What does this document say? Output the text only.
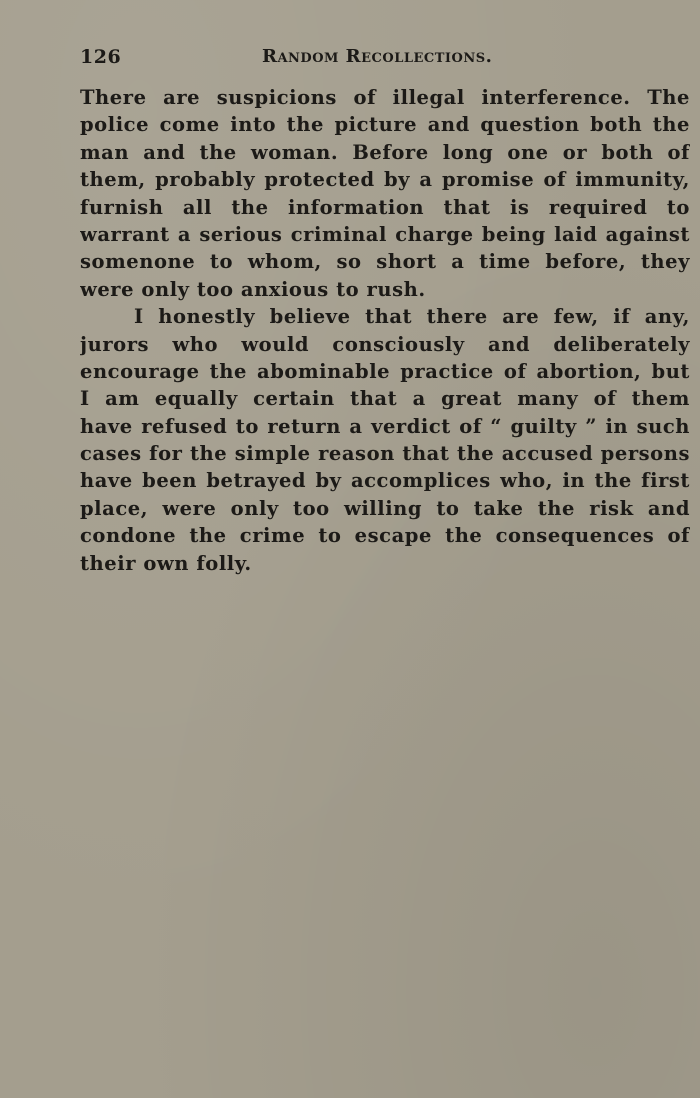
126	Random Recollections.
There are suspicions of illegal interference. The
police come into the picture and question both the
man and the woman. Before long one or both of
them, probably protected by a promise of immunity,
furnish all the information that is required to
warrant a serious criminal charge being laid against
somenone to whom, so short a time before, they
were only too anxious to rush.
I honestly believe that there are few, if any,
jurors who would consciously and deliberately
encourage the abominable practice of abortion, but
I am equally certain that a great many of them
have refused to return a verdict of “ guilty ” in such
cases for the simple reason that the accused persons
have been betrayed by accomplices who, in the first
place, were only too willing to take the risk and
condone the crime to escape the consequences of
their own folly.
